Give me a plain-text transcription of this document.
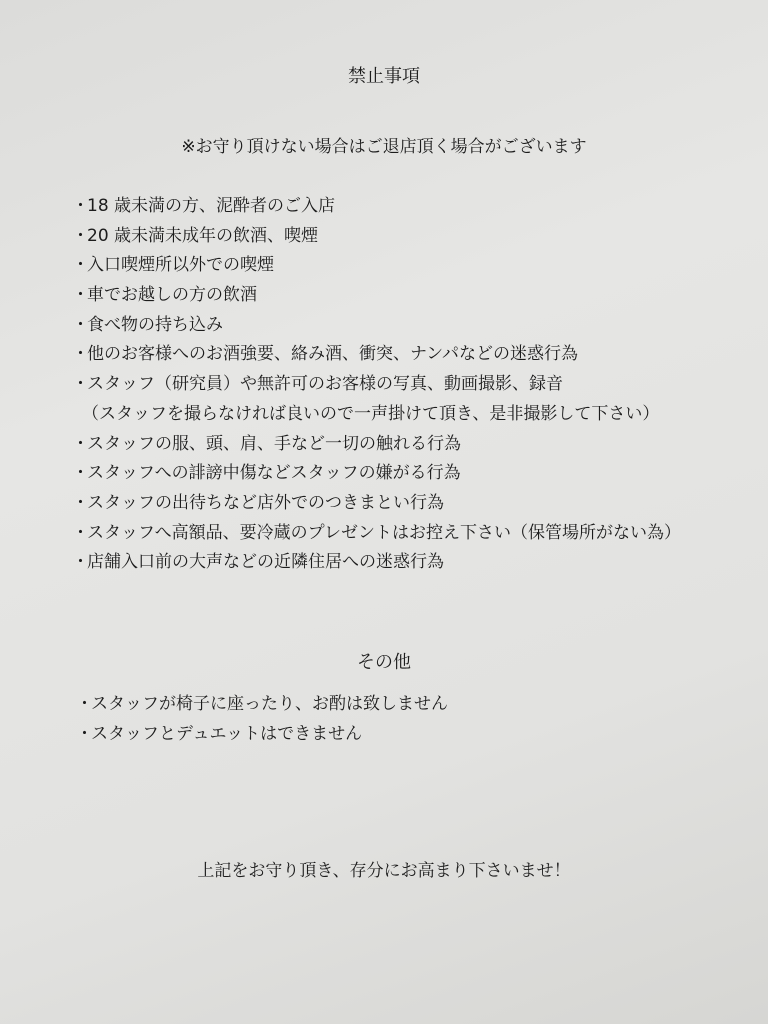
禁止事項
※お守り頂けない場合はご退店頂く場合がございます
・18 歳未満の方、泥酔者のご入店
・20 歳未満未成年の飲酒、喫煙
・入口喫煙所以外での喫煙
・車でお越しの方の飲酒
・食べ物の持ち込み
・他のお客様へのお酒強要、絡み酒、衝突、ナンパなどの迷惑行為
・スタッフ（研究員）や無許可のお客様の写真、動画撮影、録音
（スタッフを撮らなければ良いので一声掛けて頂き、是非撮影して下さい）
・スタッフの服、頭、肩、手など一切の触れる行為
・スタッフへの誹謗中傷などスタッフの嫌がる行為
・スタッフの出待ちなど店外でのつきまとい行為
・スタッフへ高額品、要冷蔵のプレゼントはお控え下さい（保管場所がない為）
・店舗入口前の大声などの近隣住居への迷惑行為
その他
・スタッフが椅子に座ったり、お酌は致しません
・スタッフとデュエットはできません
上記をお守り頂き、存分にお高まり下さいませ！
